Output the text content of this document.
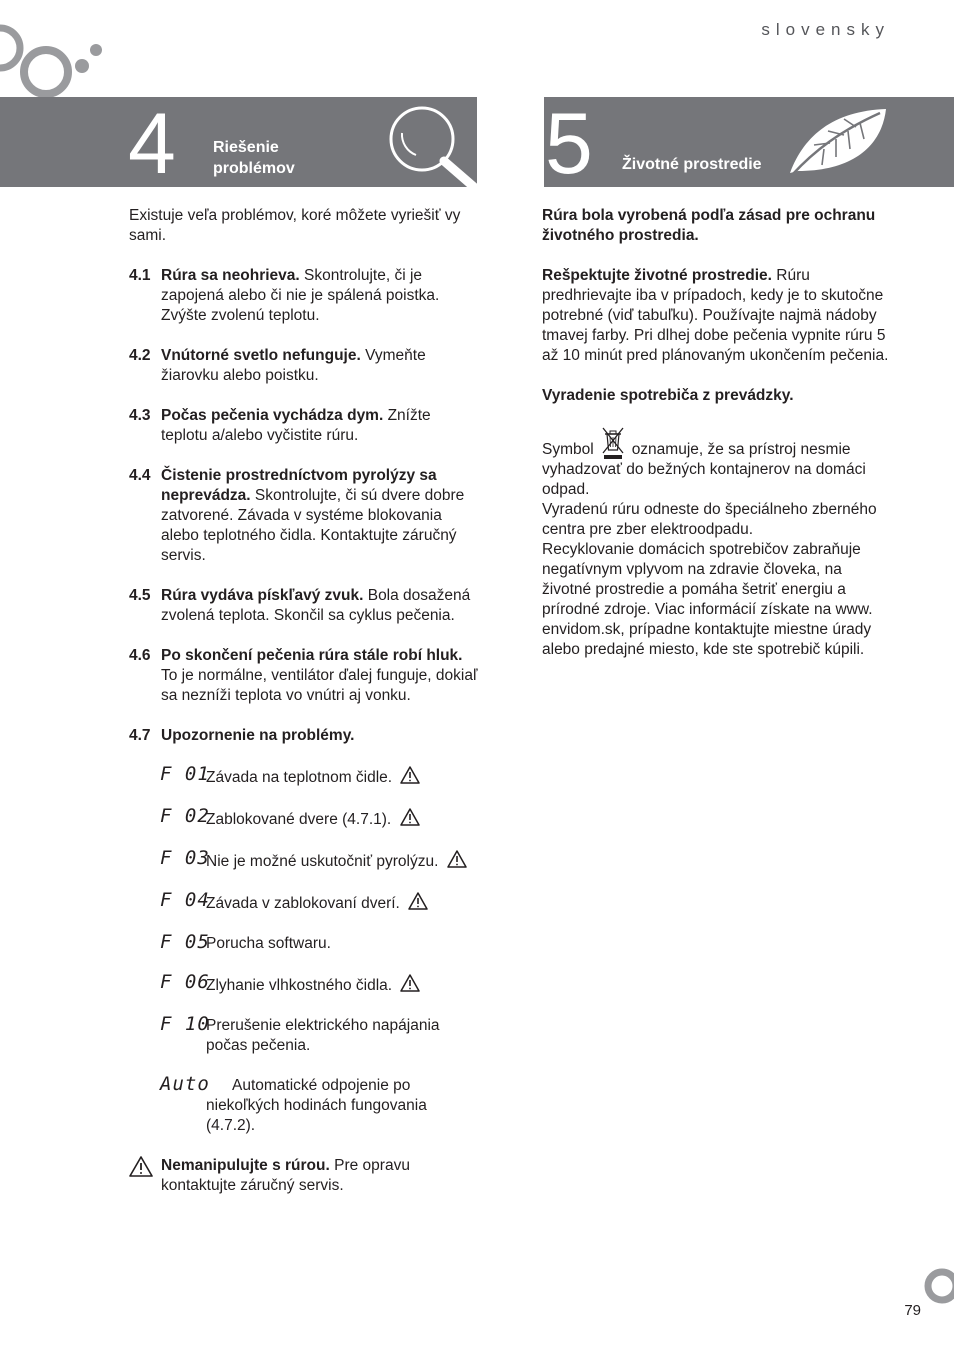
slovensky
4 Riešenie
problémov	5 Životné prostredie

Existuje veľa problémov, koré môžete vyriešiť vy sami.

4.1 Rúra sa neohrieva. Skontrolujte, či je zapojená alebo či nie je spálená poistka. Zvýšte zvolenú teplotu.
4.2 Vnútorné svetlo nefunguje. Vymeňte žiarovku alebo poistku.
4.3 Počas pečenia vychádza dym. Znížte teplotu a/alebo vyčistite rúru.
4.4 Čistenie prostredníctvom pyrolýzy sa neprevádza. Skontrolujte, či sú dvere dobre zatvorené. Závada v systéme blokovania alebo teplotného čidla. Kontaktujte záručný servis.
4.5 Rúra vydáva pískľavý zvuk. Bola dosažená zvolená teplota. Skončil sa cyklus pečenia.
4.6 Po skončení pečenia rúra stále robí hluk. To je normálne, ventilátor ďalej funguje, dokiaľ sa nezníži teplota vo vnútri aj vonku.
4.7 Upozornenie na problémy.
F 01
Závada na teplotnom čidle.
F 02
Zablokované dvere (4.7.1).
F 03
Nie je možné uskutočniť pyrolýzu.
F 04
Závada v zablokovaní dverí.
F 05
Porucha softwaru.
F 06
Zlyhanie vlhkostného čidla.
F 10
Prerušenie elektrického napájania počas pečenia.
Auto	Automatické odpojenie po niekoľkých hodinách fungovania (4.7.2).
Nemanipulujte s rúrou. Pre opravu kontaktujte záručný servis.

Rúra bola vyrobená podľa zásad pre ochranu životného prostredia.

Rešpektujte životné prostredie. Rúru predhrievajte iba v prípadoch, kedy je to skutočne potrebné (viď tabuľku). Používajte najmä nádoby tmavej farby. Pri dlhej dobe pečenia vypnite rúru 5 až 10 minút pred plánovaným ukončením pečenia.

Vyradenie spotrebiča z prevádzky.

Symbol oznamuje, že sa prístroj nesmie vyhadzovať do bežných kontajnerov na domáci odpad.

Vyradenú rúru odneste do špeciálneho zberného centra pre zber elektroodpadu.

Recyklovanie domácich spotrebičov zabraňuje negatívnym vplyvom na zdravie človeka, na životné prostredie a pomáha šetriť energiu a prírodné zdroje. Viac informácií získate na www. envidom.sk, prípadne kontaktujte miestne úrady alebo predajné miesto, kde ste spotrebič kúpili.

79
